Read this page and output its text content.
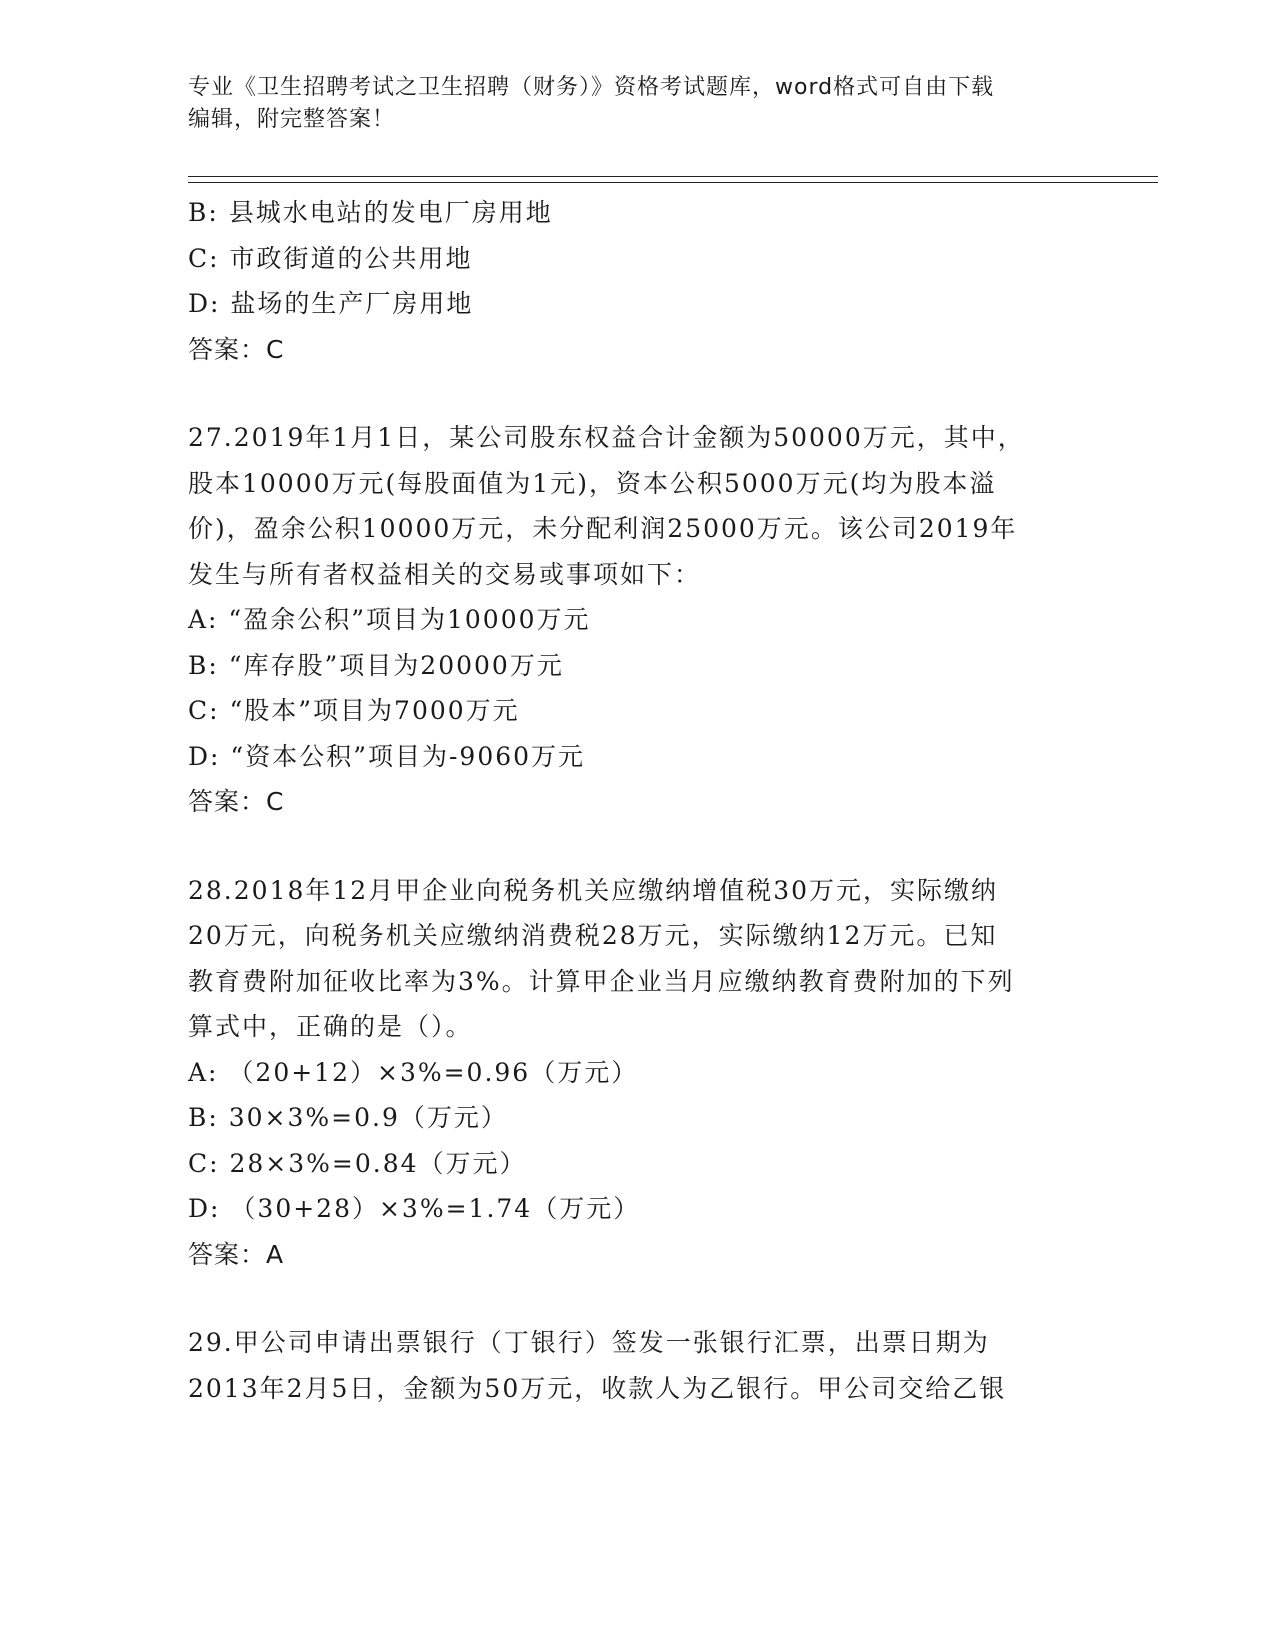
专业《卫生招聘考试之卫生招聘（财务）》资格考试题库，word格式可自由下载
编辑，附完整答案！
B: 县城水电站的发电厂房用地
C: 市政街道的公共用地
D: 盐场的生产厂房用地
答案：C
27.2019年1月1日，某公司股东权益合计金额为50000万元，其中，
股本10000万元(每股面值为1元)，资本公积5000万元(均为股本溢
价)，盈余公积10000万元，未分配利润25000万元。该公司2019年
发生与所有者权益相关的交易或事项如下：
A: “盈余公积”项目为10000万元
B: “库存股”项目为20000万元
C: “股本”项目为7000万元
D: “资本公积”项目为-9060万元
答案：C
28.2018年12月甲企业向税务机关应缴纳增值税30万元，实际缴纳
20万元，向税务机关应缴纳消费税28万元，实际缴纳12万元。已知
教育费附加征收比率为3%。计算甲企业当月应缴纳教育费附加的下列
算式中，正确的是（）。
A: （20+12）×3%=0.96（万元）
B: 30×3%=0.9（万元）
C: 28×3%=0.84（万元）
D: （30+28）×3%=1.74（万元）
答案：A
29.甲公司申请出票银行（丁银行）签发一张银行汇票，出票日期为
2013年2月5日，金额为50万元，收款人为乙银行。甲公司交给乙银
